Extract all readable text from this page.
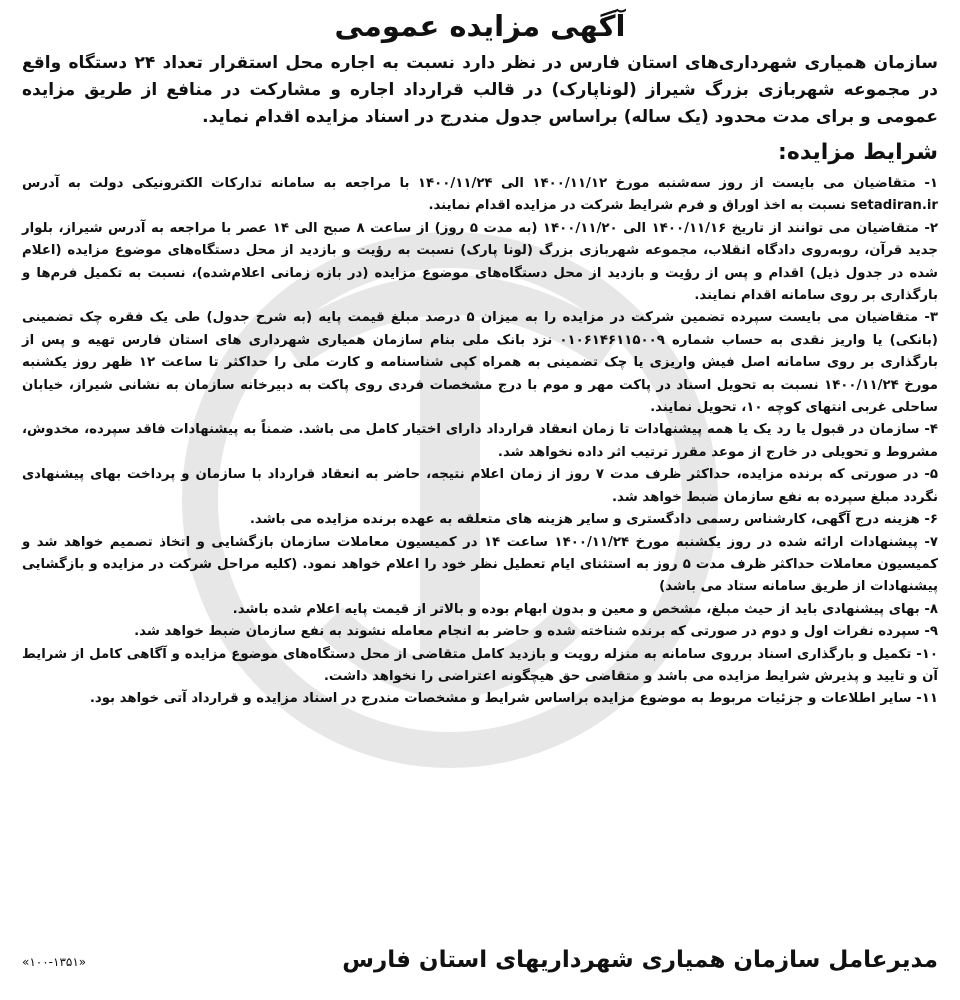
آگهی مزایده عمومی

سازمان همیاری شهرداری‌های استان فارس در نظر دارد نسبت به اجاره محل استقرار تعداد ۲۴ دستگاه واقع در مجموعه شهربازی بزرگ شیراز (لوناپارک) در قالب قرارداد اجاره و مشارکت در منافع از طریق مزایده عمومی و برای مدت محدود (یک ساله) براساس جدول مندرج در اسناد مزایده اقدام نماید.

شرایط مزایده:
۱- متقاضیان می بایست از روز سه‌شنبه مورخ ۱۴۰۰/۱۱/۱۲ الی ۱۴۰۰/۱۱/۲۴ با مراجعه به سامانه تدارکات الکترونیکی دولت به آدرس setadiran.ir نسبت به اخذ اوراق و فرم شرایط شرکت در مزایده اقدام نمایند.
۲- متقاضیان می توانند از تاریخ ۱۴۰۰/۱۱/۱۶ الی ۱۴۰۰/۱۱/۲۰ (به مدت ۵ روز) از ساعت ۸ صبح الی ۱۴ عصر با مراجعه به آدرس شیراز، بلوار جدید قرآن، روبه‌روی دادگاه انقلاب، مجموعه شهربازی بزرگ (لونا پارک) نسبت به رؤیت و بازدید از محل دستگاه‌های موضوع مزایده (اعلام شده در جدول ذیل) اقدام و پس از رؤیت و بازدید از محل دستگاه‌های موضوع مزایده (در بازه زمانی اعلام‌شده)، نسبت به تکمیل فرم‌ها و بارگذاری بر روی سامانه اقدام نمایند.
۳- متقاضیان می بایست سپرده تضمین شرکت در مزایده را به میزان ۵ درصد مبلغ قیمت پایه (به شرح جدول) طی یک فقره چک تضمینی (بانکی) یا واریز نقدی به حساب شماره ۰۱۰۶۱۴۶۱۱۵۰۰۹ نزد بانک ملی بنام سازمان همیاری شهرداری های استان فارس تهیه و پس از بارگذاری بر روی سامانه اصل فیش واریزی یا چک تضمینی به همراه کپی شناسنامه و کارت ملی را حداکثر تا ساعت ۱۲ ظهر روز یکشنبه مورخ ۱۴۰۰/۱۱/۲۴ نسبت به تحویل اسناد در پاکت مهر و موم با درج مشخصات فردی روی پاکت به دبیرخانه سازمان به نشانی شیراز، خیابان ساحلی غربی انتهای کوچه ۱۰، تحویل نمایند.
۴- سازمان در قبول یا رد یک یا همه پیشنهادات تا زمان انعقاد قرارداد دارای اختیار کامل می باشد. ضمناً به پیشنهادات فاقد سپرده، مخدوش، مشروط و تحویلی در خارج از موعد مقرر ترتیب اثر داده نخواهد شد.
۵- در صورتی که برنده مزایده، حداکثر ظرف مدت ۷ روز از زمان اعلام نتیجه، حاضر به انعقاد قرارداد با سازمان و پرداخت بهای پیشنهادی نگردد مبلغ سپرده به نفع سازمان ضبط خواهد شد.
۶- هزینه درج آگهی، کارشناس رسمی دادگستری و سایر هزینه های متعلقه به عهده برنده مزایده می باشد.
۷- پیشنهادات ارائه شده در روز یکشنبه مورخ ۱۴۰۰/۱۱/۲۴ ساعت ۱۴ در کمیسیون معاملات سازمان بازگشایی و اتخاذ تصمیم خواهد شد و کمیسیون معاملات حداکثر ظرف مدت ۵ روز به استثنای ایام تعطیل نظر خود را اعلام خواهد نمود. (کلیه مراحل شرکت در مزایده و بازگشایی پیشنهادات از طریق سامانه ستاد می باشد)
۸- بهای پیشنهادی باید از حیث مبلغ، مشخص و معین و بدون ابهام بوده و بالاتر از قیمت پایه اعلام شده باشد.
۹- سپرده نفرات اول و دوم در صورتی که برنده شناخته شده و حاضر به انجام معامله نشوند به نفع سازمان ضبط خواهد شد.
۱۰- تکمیل و بارگذاری اسناد برروی سامانه به منزله رویت و بازدید کامل متقاضی از محل دستگاه‌های موضوع مزایده و آگاهی کامل از شرایط آن و تایید و پذیرش شرایط مزایده می باشد و متقاضی حق هیچگونه اعتراضی را نخواهد داشت.
۱۱- سایر اطلاعات و جزئیات مربوط به موضوع مزایده براساس شرایط و مشخصات مندرج در اسناد مزایده و قرارداد آتی خواهد بود.
مدیرعامل سازمان همیاری شهرداریهای استان فارس
«۱۰۰-۱۳۵۱»
